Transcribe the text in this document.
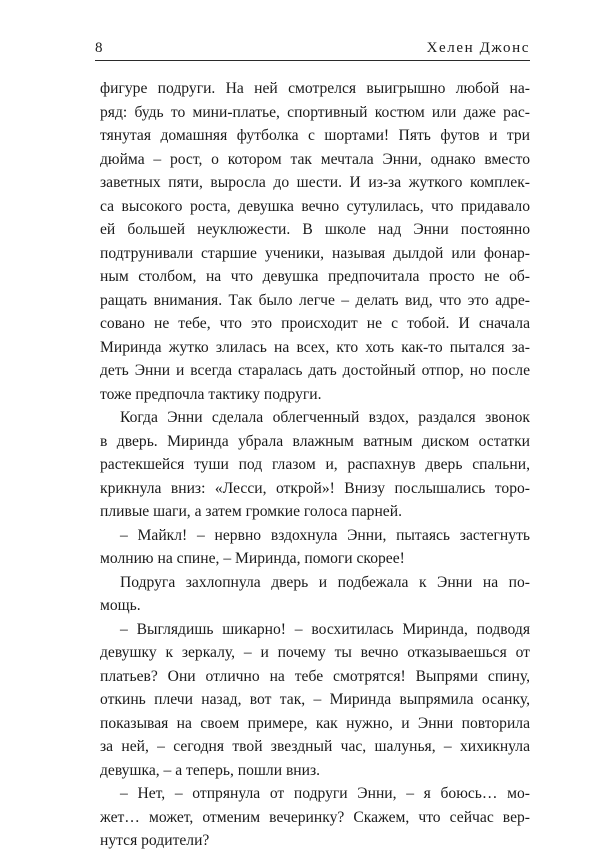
8	Хелен Джонс
фигуре подруги. На ней смотрелся выигрышно любой на-
ряд: будь то мини-платье, спортивный костюм или даже рас-
тянутая домашняя футболка с шортами! Пять футов и три
дюйма – рост, о котором так мечтала Энни, однако вместо
заветных пяти, выросла до шести. И из-за жуткого комплек-
са высокого роста, девушка вечно сутулилась, что придавало
ей большей неуклюжести. В школе над Энни постоянно
подтрунивали старшие ученики, называя дылдой или фонар-
ным столбом, на что девушка предпочитала просто не об-
ращать внимания. Так было легче – делать вид, что это адре-
совано не тебе, что это происходит не с тобой. И сначала
Миринда жутко злилась на всех, кто хоть как-то пытался за-
деть Энни и всегда старалась дать достойный отпор, но после
тоже предпочла тактику подруги.
Когда Энни сделала облегченный вздох, раздался звонок
в дверь. Миринда убрала влажным ватным диском остатки
растекшейся туши под глазом и, распахнув дверь спальни,
крикнула вниз: «Лесси, открой»! Внизу послышались торо-
пливые шаги, а затем громкие голоса парней.
– Майкл! – нервно вздохнула Энни, пытаясь застегнуть
молнию на спине, – Миринда, помоги скорее!
Подруга захлопнула дверь и подбежала к Энни на по-
мощь.
– Выглядишь шикарно! – восхитилась Миринда, подводя
девушку к зеркалу, – и почему ты вечно отказываешься от
платьев? Они отлично на тебе смотрятся! Выпрями спину,
откинь плечи назад, вот так, – Миринда выпрямила осанку,
показывая на своем примере, как нужно, и Энни повторила
за ней, – сегодня твой звездный час, шалунья, – хихикнула
девушка, – а теперь, пошли вниз.
– Нет, – отпрянула от подруги Энни, – я боюсь… мо-
жет… может, отменим вечеринку? Скажем, что сейчас вер-
нутся родители?
